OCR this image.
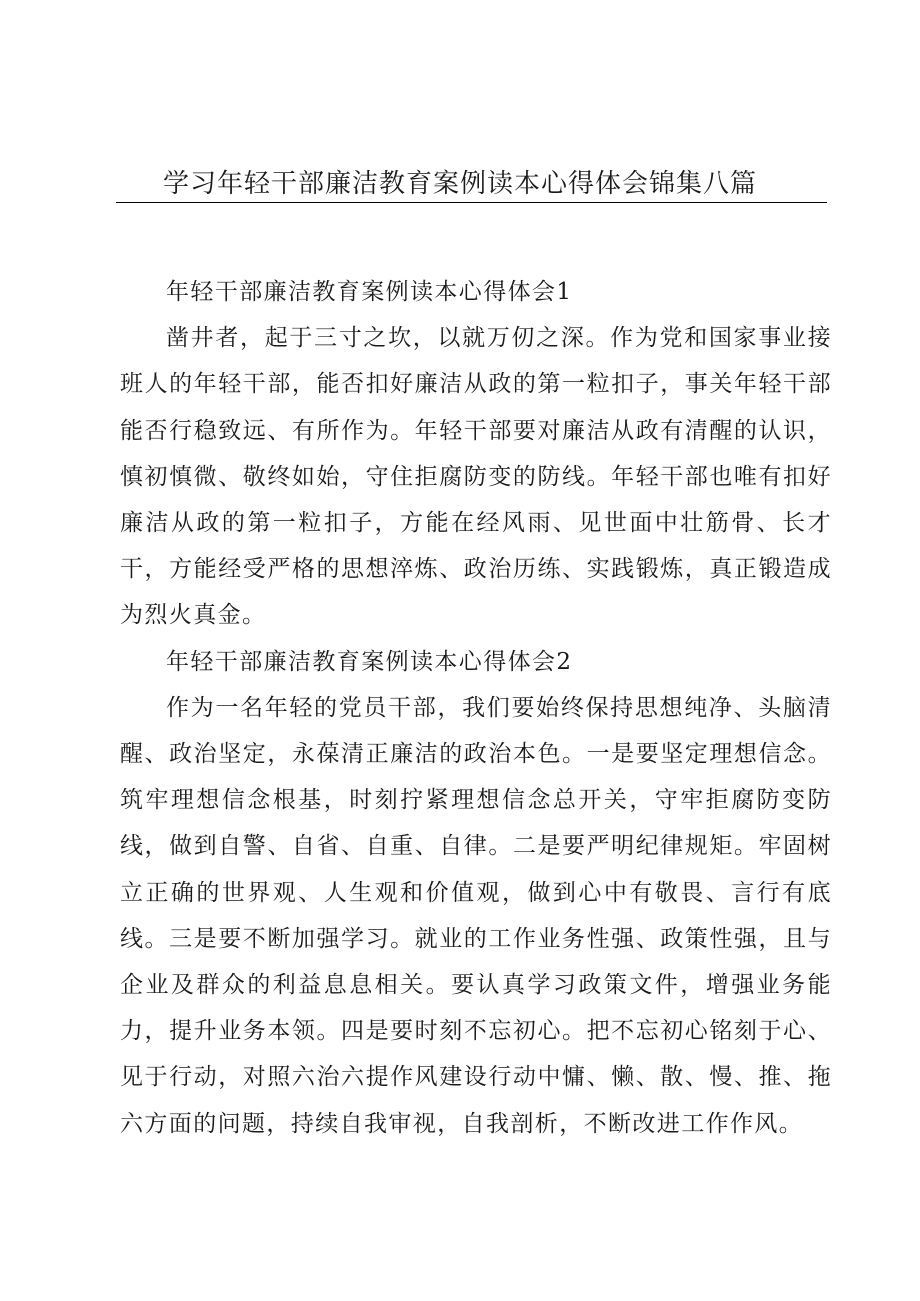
学习年轻干部廉洁教育案例读本心得体会锦集八篇

年轻干部廉洁教育案例读本心得体会1

凿井者，起于三寸之坎，以就万仞之深。作为党和国家事业接班人的年轻干部，能否扣好廉洁从政的第一粒扣子，事关年轻干部能否行稳致远、有所作为。年轻干部要对廉洁从政有清醒的认识，慎初慎微、敬终如始，守住拒腐防变的防线。年轻干部也唯有扣好廉洁从政的第一粒扣子，方能在经风雨、见世面中壮筋骨、长才干，方能经受严格的思想淬炼、政治历练、实践锻炼，真正锻造成为烈火真金。

年轻干部廉洁教育案例读本心得体会2

作为一名年轻的党员干部，我们要始终保持思想纯净、头脑清醒、政治坚定，永葆清正廉洁的政治本色。一是要坚定理想信念。筑牢理想信念根基，时刻拧紧理想信念总开关，守牢拒腐防变防线，做到自警、自省、自重、自律。二是要严明纪律规矩。牢固树立正确的世界观、人生观和价值观，做到心中有敬畏、言行有底线。三是要不断加强学习。就业的工作业务性强、政策性强，且与企业及群众的利益息息相关。要认真学习政策文件，增强业务能力，提升业务本领。四是要时刻不忘初心。把不忘初心铭刻于心、见于行动，对照六治六提作风建设行动中慵、懒、散、慢、推、拖六方面的问题，持续自我审视，自我剖析，不断改进工作作风。
